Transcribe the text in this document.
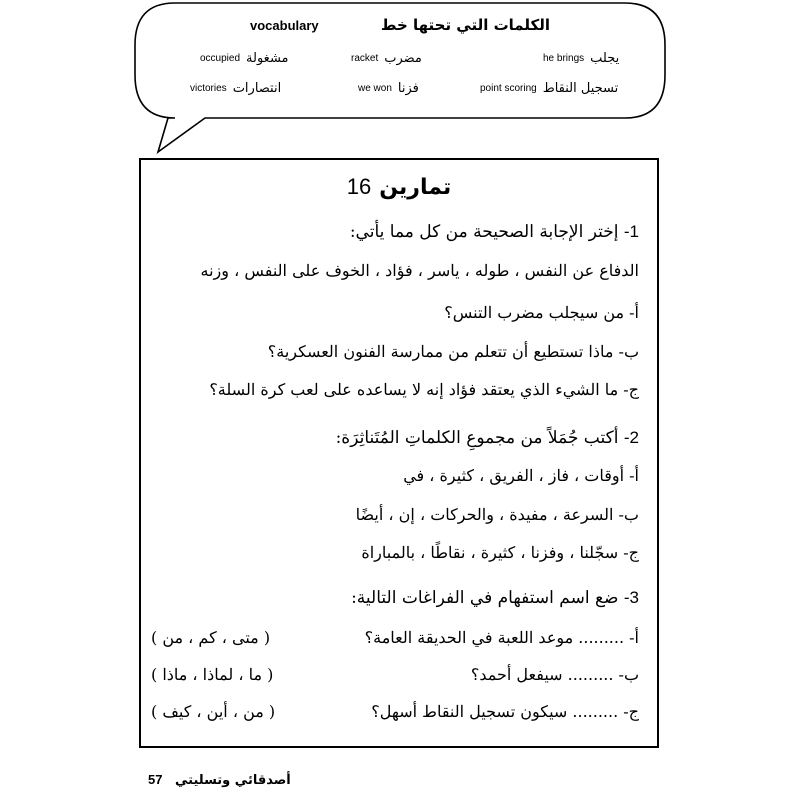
vocabulary	الكلمات التي تحتها خط
he brings يجلب
racket مضرب
occupied مشغولة
point scoring تسجيل النقاط
we won فزنا
victories انتصارات
تمارين16
1- إختر الإجابة الصحيحة من كل مما يأتي:
الدفاع عن النفس ، طوله ، ياسر ، فؤاد ، الخوف على النفس ، وزنه
أ- من سيجلب مضرب التنس؟
ب- ماذا تستطيع أن تتعلم من ممارسة الفنون العسكرية؟
ج- ما الشيء الذي يعتقد فؤاد إنه لا يساعده على لعب كرة السلة؟
2- أكتب جُمَلاً من مجموعِ الكلماتِ المُتَناثِرَة:
أ- أوقات ، فاز ، الفريق ، كثيرة ، في
ب- السرعة ، مفيدة ، والحركات ، إن ، أيضًا
ج- سجّلنا ، وفزنا ، كثيرة ، نقاطًا ، بالمباراة
3- ضع اسم استفهام في الفراغات التالية:
أ- ......... موعد اللعبة في الحديقة العامة؟
( متى ، كم ، من )
ب- ......... سيفعل أحمد؟
( ما ، لماذا ، ماذا )
ج- ......... سيكون تسجيل النقاط أسهل؟
( من ، أين ، كيف )
57 أصدقائي وتسليتي
